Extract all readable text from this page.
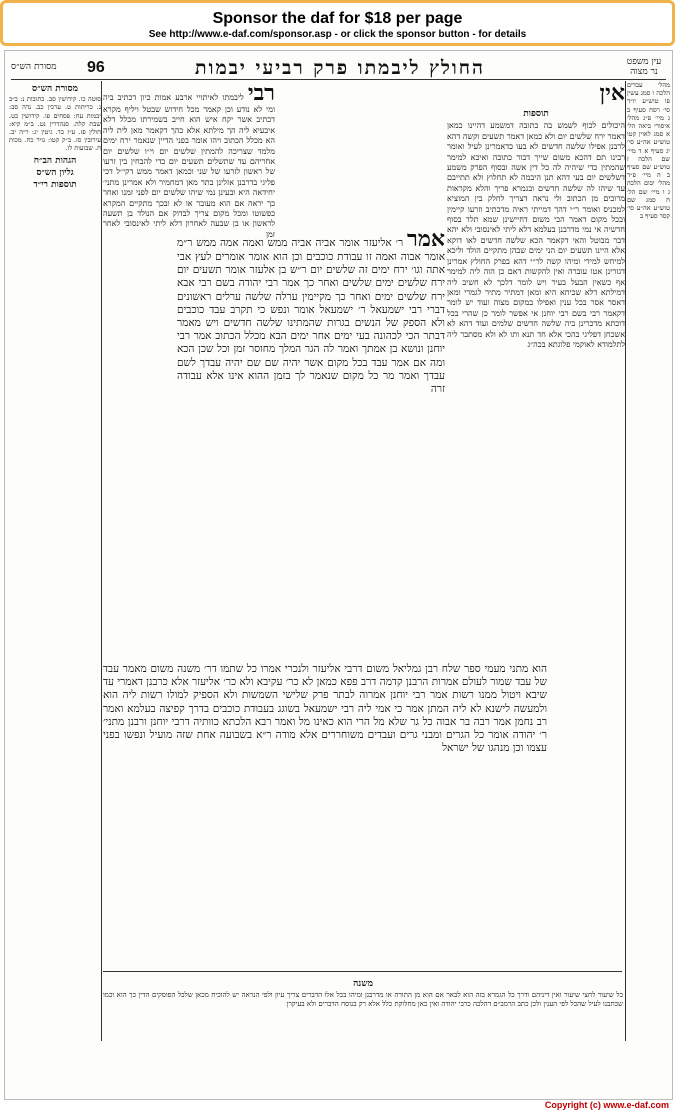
Sponsor the daf for $18 per page
See http://www.e-daf.com/sponsor.asp - or click the sponsor button - for details
מסורת הש״ס 96	החולץ ליבמתו פרק רביעי יבמות	עין משפט נר מצוה
מהל׳ עבדים הלכה ו סמג עשין פו טוש״ע יו״ד סי׳ רסח סעיף ב ג מיי׳ פ״ג מהל׳ איסורי ביאה הל׳ א סמג לאוין קטו טוש״ע אה״ע סי׳ יג סעיף א ד מיי׳ שם הלכה ז טוש״ע שם סעיף ב ה מיי׳ פ״ד מהל׳ יבום הלכה ג ו מיי׳ שם הל׳ ח סמג שם טוש״ע אה״ע סי׳ קסד סעיף ב
אין
תוספות
היכולים לכוף לשמש בה כתובה דמשמע דהיינו כמאן דאמר ירח שלשים יום ולא כמאן דאמר תשעים וקשה דהא לרבנן אפילו שלשה חדשים לא בעו כדאמרינן לעיל ואומר רבינו תם דהכא משום שייך דבור כתובה ואיכא למימר שהמתין כדי שיהיה לה כל דין אשה ובסוף הפרק משמע דשלשים יום בעי דהא תנן היבמה לא תחלוץ ולא תתייבם עד שיהו לה שלשה חדשים ובגמרא פריך והלא מקראות מרובים מן הכתוב ולי נראה דצריך לחלק בין המוציא למכניס ואומר ר״י דהך דמייתי ראיה מדכתיב וזרעו קיימין ובכל מקום דאמר הכי משום דחיישינן שמא תלד בסוף חדשיה אי נמי מדרבנן בעלמא דלא ליתי לאינסובי ולא יהא דבר מבוטל והאי דקאמר הכא שלשה חדשים לאו דוקא אלא היינו תשעים יום הני ימים שבהן מתקיים הולד וליכא למיחש למידי ומיהו קשה לר״י דהא בפרק החולץ אמרינן דגזרינן אטו עוברה ואין להקשות דאם כן הוה ליה למימר אף כשאין הבעל בעיר ויש לומר דלכך לא חשיב ליה דמילתא דלא שכיחא היא ומאן דמתיר מתיר לגמרי ומאן דאסר אסר בכל ענין ואפילו במקום מצוה ועוד יש לומר דקאמר רבי בשם רבי יוחנן אי אפשר לומר כן שהרי בכל דוכתא מדכרינן ביה שלשה חדשים שלמים ועוד דהא לא אשכחן דפליגי בהכי אלא חד תנא ותו לא ולא מסתבר ליה לתלמודא לאוקמי פלוגתא בכה״ג
רבי ליבמתו לאיתויי ארבע אמות כיון דכתיב ביה ומי לא נודע וכן קאמר מכל חידוש שבטל ויליף מקרא דכתיב אשר יקח איש הוא חייב בשמירתו מכלל דלא איבעיא ליה הך מילתא אלא כהך דקאמר מאן לית ליה הא מכלל הכתוב ויהו אומר בפני הדיין שנאמר ירח ימים מלמד שצריכה להמתין שלשים יום וי״ו שלשים יום אחריהם עד שתשלים תשעים יום כדי להבחין בין זרעו של ראשון לזרעו של שני וכמאן דאמר ממש דקי״ל דכי פליגי בדרבנן אזלינן בתר מאן דמחמיר ולא אמרינן מתני׳ יחידאה היא ובעינן נמי שיהו שלשים יום לפני זמנו ואחר כך יראה אם הוא מעובר או לא ובכך מתקיים המקרא כפשוטו ומכל מקום צריך לבדוק אם הנולד בן תשעה לראשון או בן שבעה לאחרון דלא ליתי לאינסובי לאחר זמן	אמר ר׳ אליעזר אומר אביה אביה ממש ואמה אמה ממש ר״מ אומר אבוה ואמה זו עבודת כוכבים וכן הוא אומר אומרים לעץ אבי אתה וגו׳ ירח ימים זה שלשים יום ר״ש בן אלעזר אומר תשעים יום ירח שלשים ימים שלשים ואחר כך אמר רבי יהודה בשם רבי אבא ירח שלשים ימים ואחר כך מקיימין ערלה שלשה ערלים ראשונים דברי רבי ישמעאל ר׳ ישמעאל אומר ונפש כי תקרב עבד כוכבים ולא הספק של הנשים בגרות שהמתינו שלשה חדשים ויש מאמר דבתר הכי לכהונה בעי ימים אחר ימים הבא מכלל הכתוב אמר רבי יוחנן ונושא בן אמתך ואמר לה הגר המלך מחוסר זמן וכל שכן הכא ומה אם אמר עבד בכל מקום אשר יהיה שם שם יהיה עבדך לשם עבדך ואמר מר כל מקום שנאמר לך בזמן ההוא אינו אלא עבודה זרה
הוא מתני מעמי ספר שלח רבן גמליאל משום דרבי אליעזר ולנכרי אמרו כל שתמו דר׳ משנה משום מאמר עבד של עבד שמור לעולם אמרות הרבנן קדמה דרב פפא כמאן לא כר׳ עקיבא ולא כר׳ אליעזר אלא כרבנן דאמרי עד שיבא ויטול ממנו רשות אמר רבי יוחנן אמרוה לבתר פרק שלישי השמשות ולא הספיק למולו רשות ליה הוא ולמעשה לישנא לא ליה המתן אמר כי אמי ליה רבי ישמעאל בשוגג בעבודת כוכבים בדרך קפיצה בעלמא ואמר רב נחמן אמר רבה בר אבוה כל גר שלא מל הרי הוא כאינו מל ואמר רבא הלכתא כוותיה דרבי יוחנן ורבנן מתני׳ ר׳ יהודה אומר כל הגרים ומבני גרים ועבדים משוחררים אלא מודה ר״א בשבועה אחת שזה מועיל ונפשו בפני עצמו וכן מנהגו של ישראל
מסורת הש״ס
סוטה כו. קידושין סב. כתובות נ: ב״ב נ. כריתות ט. ערכין כב. נדה סב: יבמות עח: פסחים פו. קידושין כט. שבת קלה. סנהדרין נט. ב״מ קיא: חולין פז. ע״ז כד. גיטין יג: ר״ה יב. עירובין סז. ב״ק קטו: נזיר כח. מכות ח. שבועות לו.
הגהות הב״ח
גליון הש״ס
תוספות רי״ד
משנה
כל שיעור לחצי שיעור ואין דיניהם ודרך כל הגמרא בזה הוא לבאר אם הוא מן התורה או מדרבנן ומיהו בכל אלו הדברים צריך עיון ולפי הנראה יש להוכיח מכאן שלכל הפוסקים הדין כך הוא וכמו שכתבנו לעיל שהכל לפי הענין ולכן כתב הרמב״ם דהלכה כרבי יהודה ואין כאן מחלוקת כלל אלא רק בנוסח הדברים ולא בעיקרן
Copyright (c) www.e-daf.com
